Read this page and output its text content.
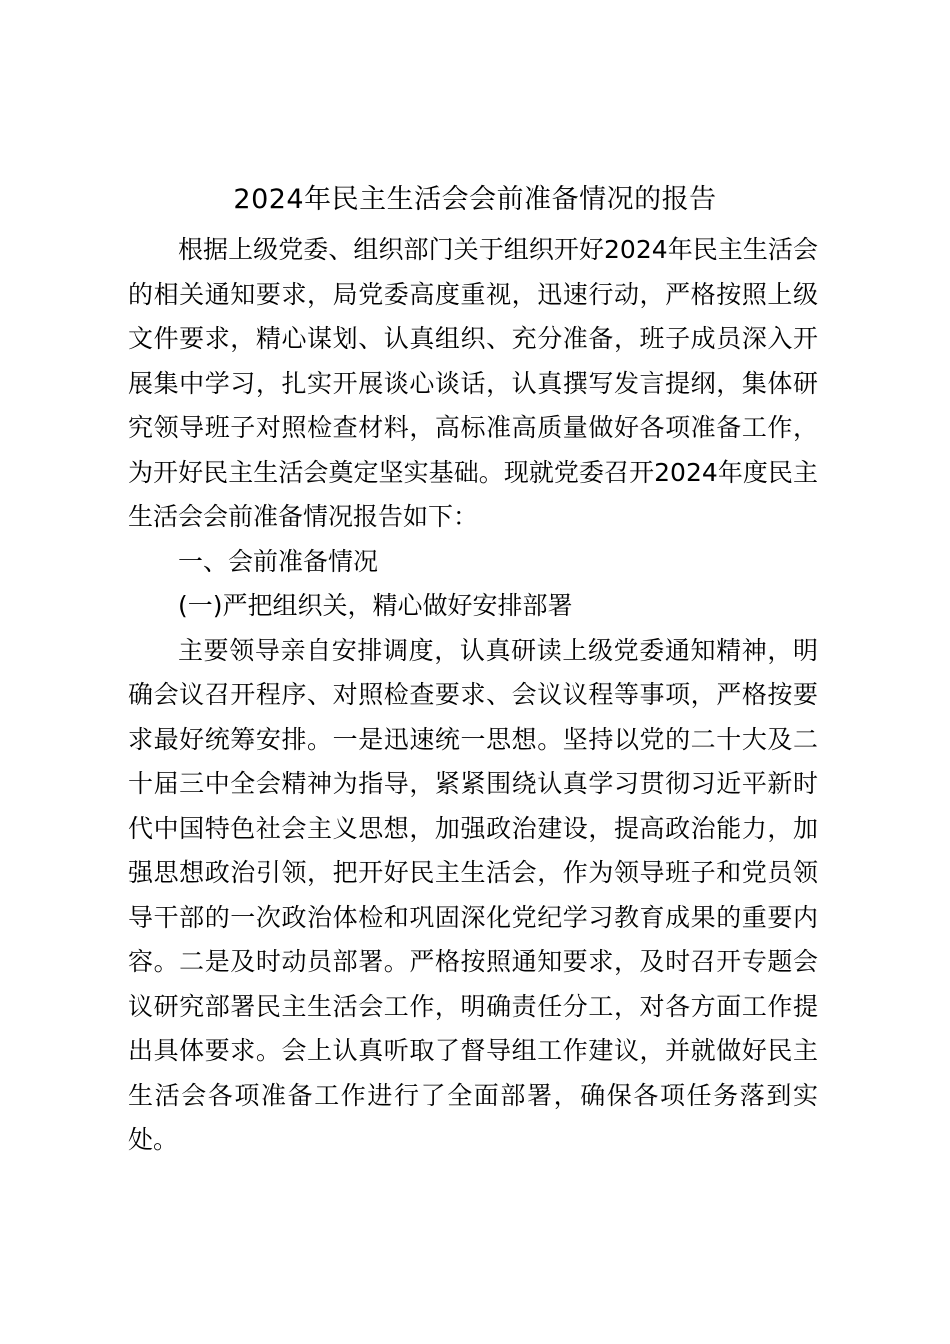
2024年民主生活会会前准备情况的报告

根据上级党委、组织部门关于组织开好2024年民主生活会的相关通知要求，局党委高度重视，迅速行动，严格按照上级文件要求，精心谋划、认真组织、充分准备，班子成员深入开展集中学习，扎实开展谈心谈话，认真撰写发言提纲，集体研究领导班子对照检查材料，高标准高质量做好各项准备工作，为开好民主生活会奠定坚实基础。现就党委召开2024年度民主生活会会前准备情况报告如下：

一、会前准备情况

(一)严把组织关，精心做好安排部署

主要领导亲自安排调度，认真研读上级党委通知精神，明确会议召开程序、对照检查要求、会议议程等事项，严格按要求最好统筹安排。一是迅速统一思想。坚持以党的二十大及二十届三中全会精神为指导，紧紧围绕认真学习贯彻习近平新时代中国特色社会主义思想，加强政治建设，提高政治能力，加强思想政治引领，把开好民主生活会，作为领导班子和党员领导干部的一次政治体检和巩固深化党纪学习教育成果的重要内容。二是及时动员部署。严格按照通知要求，及时召开专题会议研究部署民主生活会工作，明确责任分工，对各方面工作提出具体要求。会上认真听取了督导组工作建议，并就做好民主生活会各项准备工作进行了全面部署，确保各项任务落到实处。
